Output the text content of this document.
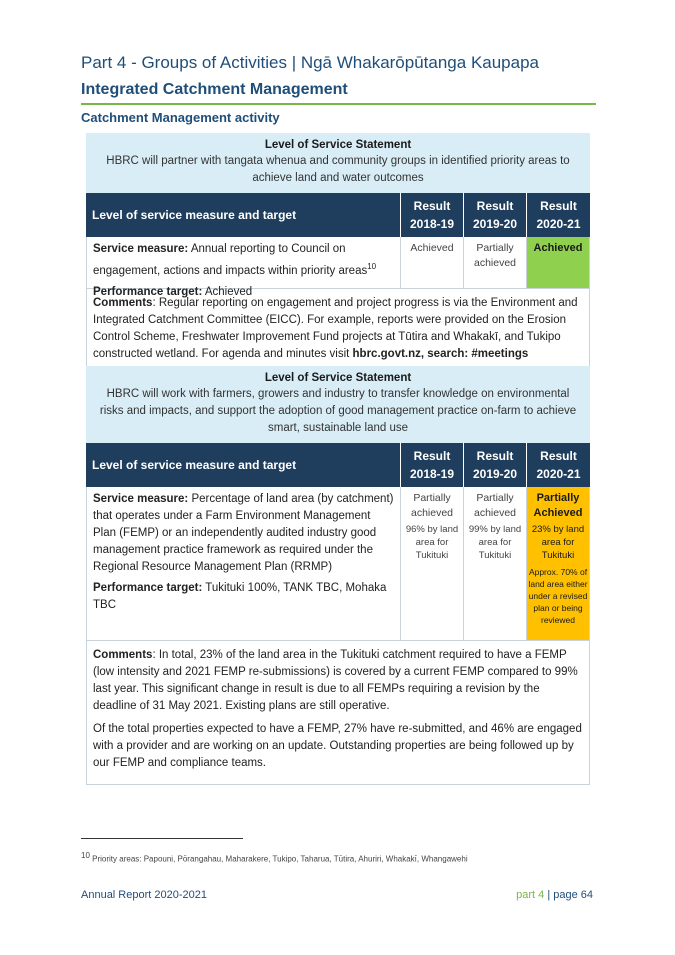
Part 4 - Groups of Activities | Ngā Whakarōpūtanga Kaupapa
Integrated Catchment Management
Catchment Management activity
Level of Service Statement
HBRC will partner with tangata whenua and community groups in identified priority areas to achieve land and water outcomes
Level of service measure and target
Result
2018-19
Result
2019-20
Result
2020-21

Service measure: Annual reporting to Council on engagement, actions and impacts within priority areas$^{10}$

Performance target: Achieved

Achieved	Partially achieved
Achieved

Comments: Regular reporting on engagement and project progress is via the Environment and Integrated Catchment Committee (EICC). For example, reports were provided on the Erosion Control Scheme, Freshwater Improvement Fund projects at Tūtira and Whakakī, and Tukipo constructed wetland. For agenda and minutes visit hbrc.govt.nz, search: #meetings

Level of Service Statement
HBRC will work with farmers, growers and industry to transfer knowledge on environmental risks and impacts, and support the adoption of good management practice on-farm to achieve smart, sustainable land use
Level of service measure and target
Result
2018-19
Result
2019-20
Result
2020-21

Service measure: Percentage of land area (by catchment) that operates under a Farm Environment Management Plan (FEMP) or an independently audited industry good management practice framework as required under the Regional Resource Management Plan (RRMP)

Performance target: Tukituki 100%, TANK TBC, Mohaka TBC

Partially achieved
96% by land area for Tukituki
Partially achieved
99% by land area for Tukituki
Partially Achieved
23% by land area for Tukituki
Approx. 70% of land area either under a revised plan or being reviewed

Comments: In total, 23% of the land area in the Tukituki catchment required to have a FEMP (low intensity and 2021 FEMP re-submissions) is covered by a current FEMP compared to 99% last year. This significant change in result is due to all FEMPs requiring a revision by the deadline of 31 May 2021. Existing plans are still operative.

Of the total properties expected to have a FEMP, 27% have re-submitted, and 46% are engaged with a provider and are working on an update. Outstanding properties are being followed up by our FEMP and compliance teams.

$^{10}$ Priority areas: Papouni, Pōrangahau, Maharakere, Tukipo, Taharua, Tūtira, Ahuriri, Whakakī, Whangawehi
Annual Report 2020-2021	part 4 | page 64
